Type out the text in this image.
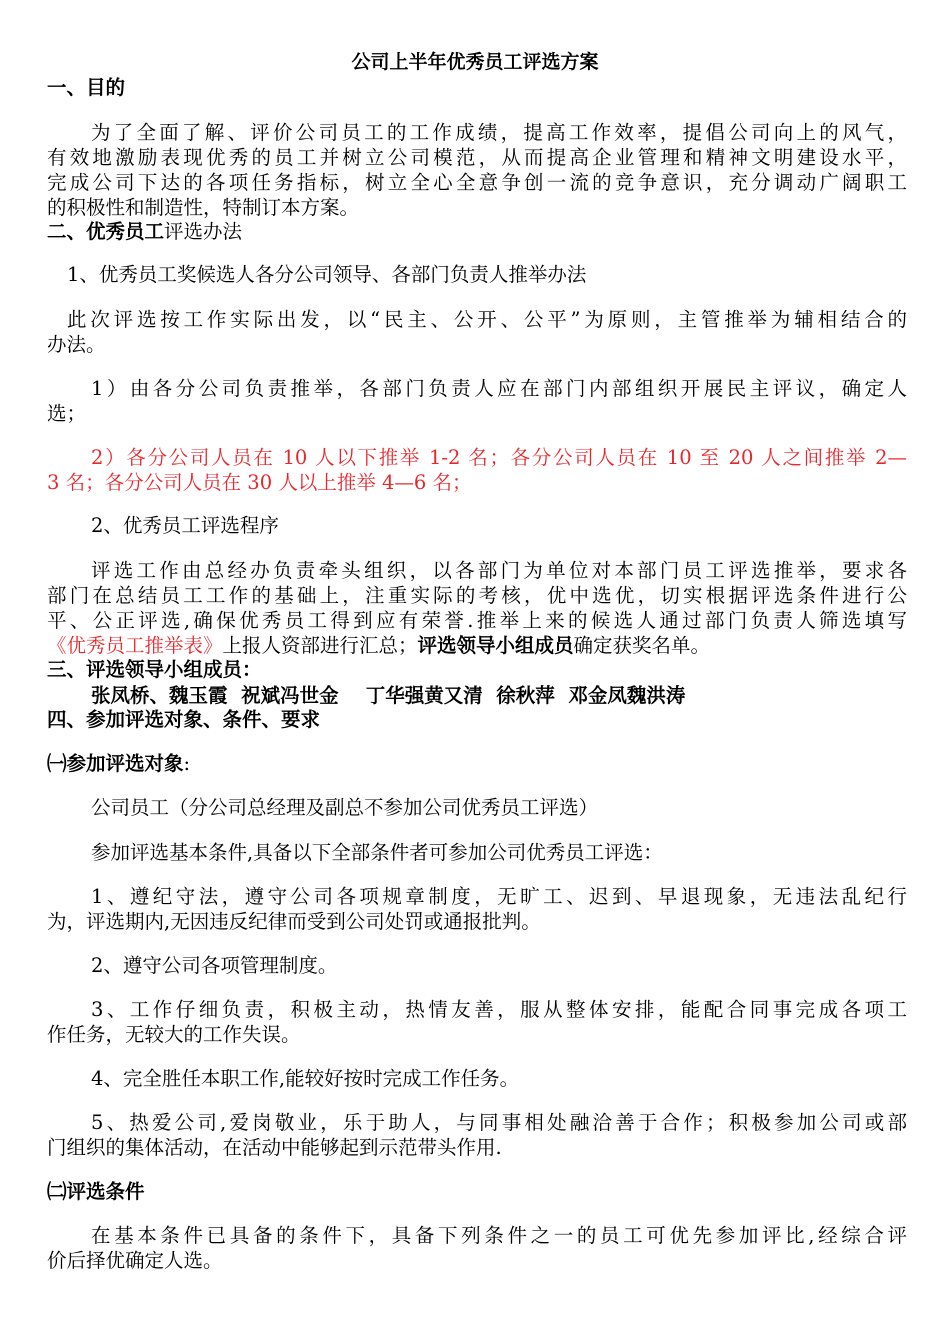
公司上半年优秀员工评选方案
一、目的
为了全面了解、评价公司员工的工作成绩，提高工作效率，提倡公司向上的风气，
有效地激励表现优秀的员工并树立公司模范，从而提高企业管理和精神文明建设水平，
完成公司下达的各项任务指标，树立全心全意争创一流的竞争意识，充分调动广阔职工
的积极性和制造性，特制订本方案。
二、优秀员工评选办法
1、优秀员工奖候选人各分公司领导、各部门负责人推举办法
此次评选按工作实际出发，以“民主、公开、公平”为原则，主管推举为辅相结合的
办法。
1）由各分公司负责推举，各部门负责人应在部门内部组织开展民主评议，确定人
选；
2）各分公司人员在 10 人以下推举 1-2 名；各分公司人员在 10 至 20 人之间推举 2—
3 名；各分公司人员在 30 人以上推举 4—6 名；
2、优秀员工评选程序
评选工作由总经办负责牵头组织，以各部门为单位对本部门员工评选推举，要求各
部门在总结员工工作的基础上，注重实际的考核，优中选优，切实根据评选条件进行公
平、公正评选,确保优秀员工得到应有荣誉.推举上来的候选人通过部门负责人筛选填写
《优秀员工推举表》上报人资部进行汇总；评选领导小组成员确定获奖名单。
三、评选领导小组成员：
张凤桥、魏玉霞  祝斌冯世金    丁华强黄又清  徐秋萍  邓金凤魏洪涛
四、参加评选对象、条件、要求
㈠参加评选对象:
公司员工（分公司总经理及副总不参加公司优秀员工评选）
参加评选基本条件,具备以下全部条件者可参加公司优秀员工评选：
1、遵纪守法，遵守公司各项规章制度，无旷工、迟到、早退现象，无违法乱纪行
为，评选期内,无因违反纪律而受到公司处罚或通报批判。
2、遵守公司各项管理制度。
3、工作仔细负责，积极主动，热情友善，服从整体安排，能配合同事完成各项工
作任务，无较大的工作失误。
4、完全胜任本职工作,能较好按时完成工作任务。
5、热爱公司,爱岗敬业，乐于助人，与同事相处融洽善于合作；积极参加公司或部
门组织的集体活动，在活动中能够起到示范带头作用.
㈡评选条件
在基本条件已具备的条件下，具备下列条件之一的员工可优先参加评比,经综合评
价后择优确定人选。
